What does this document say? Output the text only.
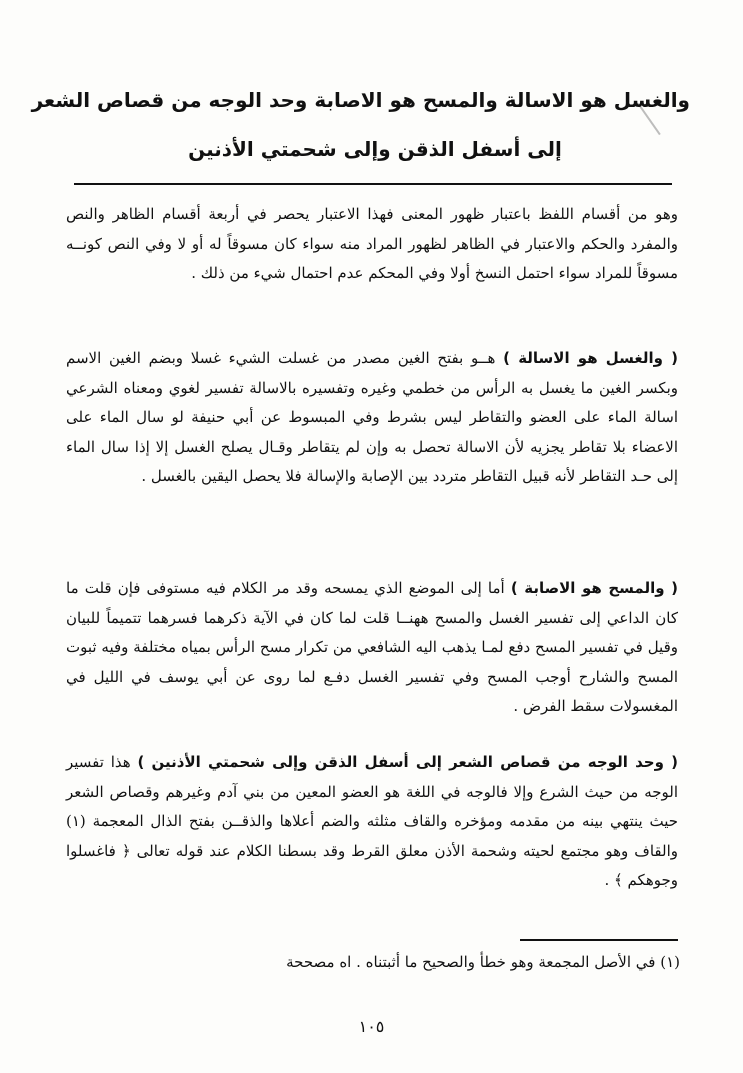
والغسل هو الاسالة والمسح هو الاصابة وحد الوجه من قصاص الشعر
إلى أسفل الذقن وإلى شحمتي الأذنين
وهو من أقسام اللفظ باعتبار ظهور المعنى فهذا الاعتبار يحصر في أربعة أقسام الظاهر والنص والمفرد والحكم والاعتبار في الظاهر لظهور المراد منه سواء كان مسوقاً له أو لا وفي النص كونــه مسوقاً للمراد سواء احتمل النسخ أولا وفي المحكم عدم احتمال شيء من ذلك .
( والغسل هو الاسالة ) هــو بفتح الغين مصدر من غسلت الشيء غسلا وبضم الغين الاسم وبكسر الغين ما يغسل به الرأس من خطمي وغيره وتفسيره بالاسالة تفسير لغوي ومعناه الشرعي اسالة الماء على العضو والتقاطر ليس بشرط وفي المبسوط عن أبي حنيفة لو سال الماء على الاعضاء بلا تقاطر يجزيه لأن الاسالة تحصل به وإن لم يتقاطر وقـال يصلح الغسل إلا إذا سال الماء إلى حـد التقاطر لأنه قبيل التقاطر متردد بين الإصابة والإسالة فلا يحصل اليقين بالغسل .
( والمسح هو الاصابة ) أما إلى الموضع الذي يمسحه وقد مر الكلام فيه مستوفى فإن قلت ما كان الداعي إلى تفسير الغسل والمسح ههنــا قلت لما كان في الآية ذكرهما فسرهما تتميماً للبيان وقيل في تفسير المسح دفع لمـا يذهب اليه الشافعي من تكرار مسح الرأس بمياه مختلفة وفيه ثبوت المسح والشارح أوجب المسح وفي تفسير الغسل دفـع لما روى عن أبي يوسف في الليل في المغسولات سقط الفرض .
( وحد الوجه من قصاص الشعر إلى أسفل الذقن وإلى شحمتي الأذنين ) هذا تفسير الوجه من حيث الشرع وإلا فالوجه في اللغة هو العضو المعين من بني آدم وغيرهم وقصاص الشعر حيث ينتهي بينه من مقدمه ومؤخره والقاف مثلثه والضم أعلاها والذقــن بفتح الذال المعجمة (١) والقاف وهو مجتمع لحيته وشحمة الأذن معلق القرط وقد بسطنا الكلام عند قوله تعالى ﴿ فاغسلوا وجوهكم ﴾ .
(١) في الأصل المجمعة وهو خطأ والصحيح ما أثبتناه . اه مصححة
١٠٥
